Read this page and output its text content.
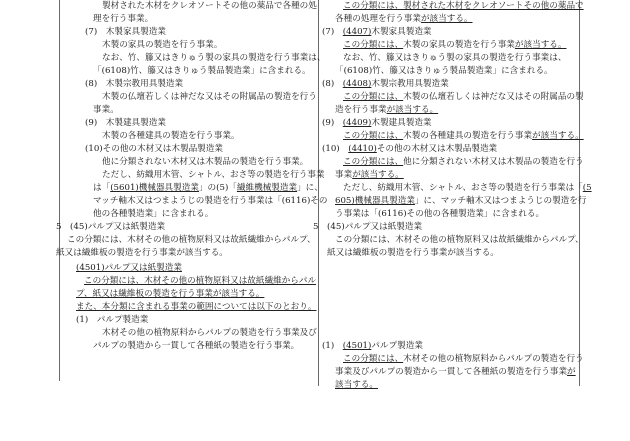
製材された木材をクレオソートその他の薬品で各種の処
理を行う事業。
(7)　木製家具製造業
木製の家具の製造を行う事業。
なお、竹、籐又はきりゅう製の家具の製造を行う事業は、
「(6108)竹、籐又はきりゅう製品製造業」に含まれる。
(8)　木製宗教用具製造業
木製の仏壇若しくは神だな又はその附属品の製造を行う
事業。
(9)　木製建具製造業
木製の各種建具の製造を行う事業。
(10)その他の木材又は木製品製造業
他に分類されない木材又は木製品の製造を行う事業。
ただし、紡織用木管、シャトル、おさ等の製造を行う事業
は「(5601)機械器具製造業」の(5)「繊維機械製造業」に、
マッチ軸木又はつまようじの製造を行う事業は「(6116)その
他の各種製造業」に含まれる。
5　(45)パルプ又は紙製造業
この分類には、木材その他の植物原料又は故紙繊維からパルプ、
紙又は繊維板の製造を行う事業が該当する。
(4501)パルプ又は紙製造業
この分類には、木材その他の植物原料又は故紙繊維からパル
プ、紙又は繊維板の製造を行う事業が該当する。
また、本分類に含まれる事業の範囲については以下のとおり。
(1)　パルプ製造業
木材その他の植物原料からパルプの製造を行う事業及び
パルプの製造から一貫して各種紙の製造を行う事業。
この分類には、製材された木材をクレオソートその他の薬品で
各種の処理を行う事業が該当する。
(7)　(4407)木製家具製造業
この分類には、木製の家具の製造を行う事業が該当する。
なお、竹、籐又はきりゅう製の家具の製造を行う事業は、
「(6108)竹、籐又はきりゅう製品製造業」に含まれる。
(8)　(4408)木製宗教用具製造業
この分類には、木製の仏壇若しくは神だな又はその附属品の製
造を行う事業が該当する。
(9)　(4409)木製建具製造業
この分類には、木製の各種建具の製造を行う事業が該当する。
(10)　(4410)その他の木材又は木製品製造業
この分類には、他に分類されない木材又は木製品の製造を行う
事業が該当する。
ただし、紡織用木管、シャトル、おさ等の製造を行う事業は「(5
605)機械器具製造業」に、マッチ軸木又はつまようじの製造を行
う事業は「(6116)その他の各種製造業」に含まれる。
5　(45)パルプ又は紙製造業
この分類には、木材その他の植物原料又は故紙繊維からパルプ、
紙又は繊維板の製造を行う事業が該当する。
(1)　(4501)パルプ製造業
この分類には、木材その他の植物原料からパルプの製造を行う
事業及びパルプの製造から一貫して各種紙の製造を行う事業が
該当する。
